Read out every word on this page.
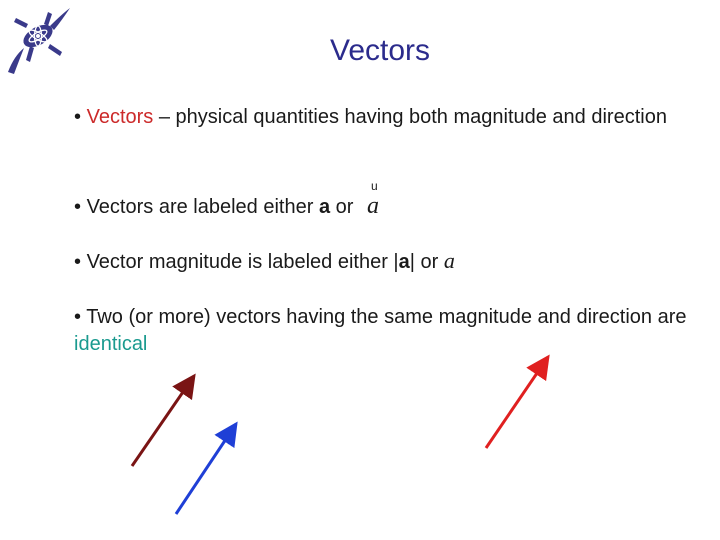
Vectors
• Vectors – physical quantities having both magnitude and direction
• Vectors are labeled either a or
u
a
• Vector magnitude is labeled either |a| or a
• Two (or more) vectors having the same magnitude and direction are identical
